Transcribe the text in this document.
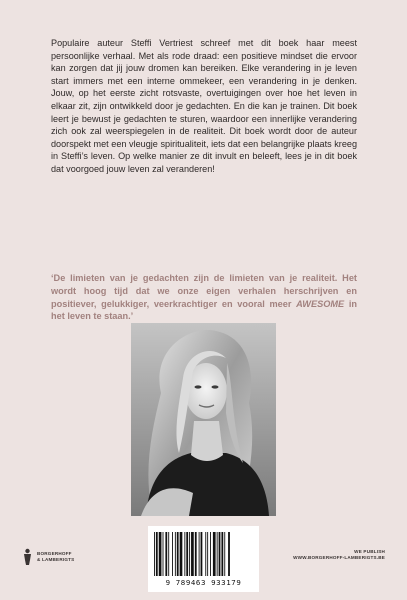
Populaire auteur Steffi Vertriest schreef met dit boek haar meest persoonlijke verhaal. Met als rode draad: een positieve mindset die ervoor kan zorgen dat jij jouw dromen kan bereiken. Elke verandering in je leven start immers met een interne ommekeer, een verandering in je denken. Jouw, op het eerste zicht rotsvaste, overtuigingen over hoe het leven in elkaar zit, zijn ontwikkeld door je gedachten. En die kan je trainen. Dit boek leert je bewust je gedachten te sturen, waardoor een innerlijke verandering zich ook zal weerspiegelen in de realiteit. Dit boek wordt door de auteur doorspekt met een vleugje spiritualiteit, iets dat een belangrijke plaats kreeg in Steffi’s leven. Op welke manier ze dit invult en beleeft, lees je in dit boek dat voorgoed jouw leven zal veranderen!

‘De limieten van je gedachten zijn de limieten van je realiteit. Het wordt hoog tijd dat we onze eigen verhalen herschrijven en positiever, gelukkiger, veerkrachtiger en vooral meer AWESOME in het leven te staan.’

BORGERHOFF
& LAMBERIGTS
9 789463 933179
WE PUBLISH
WWW.BORGERHOFF-LAMBERIGTS.BE
